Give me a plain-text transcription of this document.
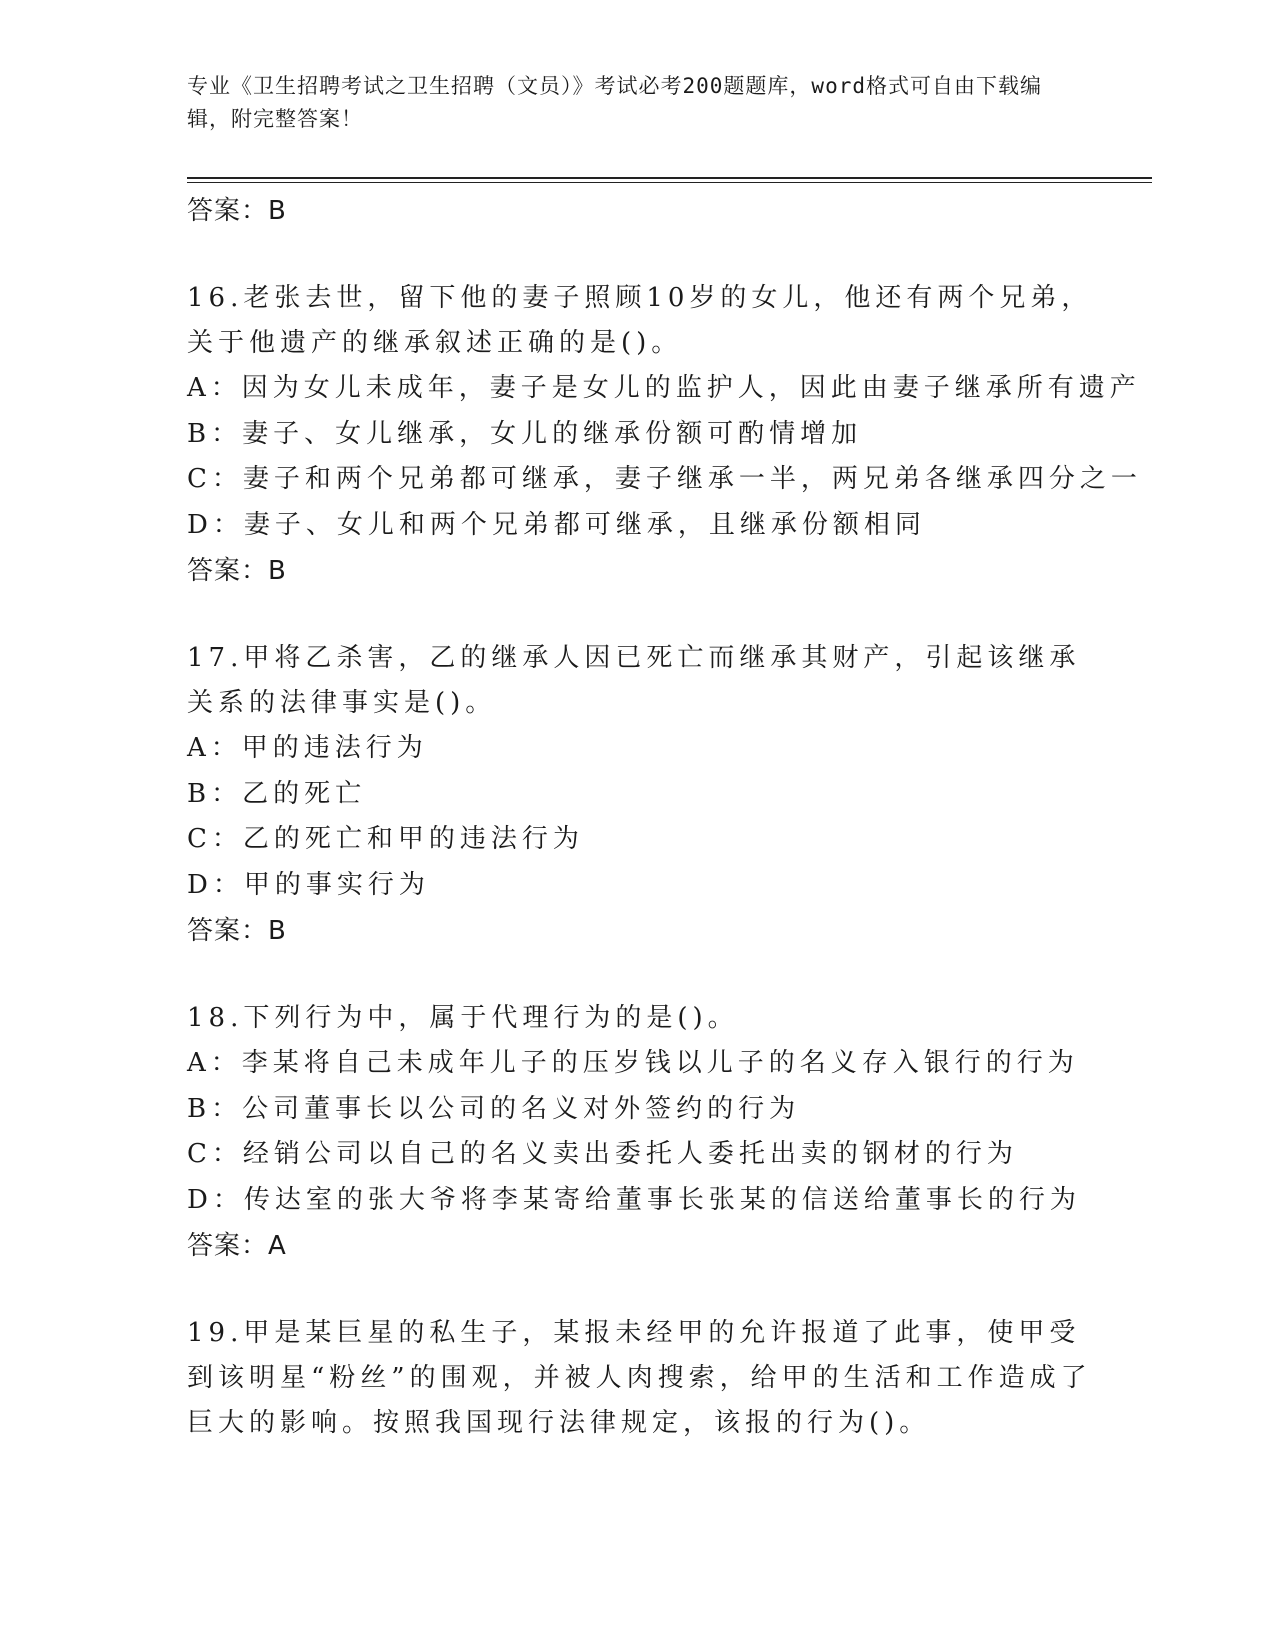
专业《卫生招聘考试之卫生招聘（文员）》考试必考200题题库，word格式可自由下载编辑，附完整答案！
答案：B
16.老张去世，留下他的妻子照顾10岁的女儿，他还有两个兄弟，关于他遗产的继承叙述正确的是()。
A：因为女儿未成年，妻子是女儿的监护人，因此由妻子继承所有遗产
B：妻子、女儿继承，女儿的继承份额可酌情增加
C：妻子和两个兄弟都可继承，妻子继承一半，两兄弟各继承四分之一
D：妻子、女儿和两个兄弟都可继承，且继承份额相同
答案：B
17.甲将乙杀害，乙的继承人因已死亡而继承其财产，引起该继承关系的法律事实是()。
A：甲的违法行为
B：乙的死亡
C：乙的死亡和甲的违法行为
D：甲的事实行为
答案：B
18.下列行为中，属于代理行为的是()。
A：李某将自己未成年儿子的压岁钱以儿子的名义存入银行的行为
B：公司董事长以公司的名义对外签约的行为
C：经销公司以自己的名义卖出委托人委托出卖的钢材的行为
D：传达室的张大爷将李某寄给董事长张某的信送给董事长的行为
答案：A
19.甲是某巨星的私生子，某报未经甲的允许报道了此事，使甲受到该明星“粉丝”的围观，并被人肉搜索，给甲的生活和工作造成了巨大的影响。按照我国现行法律规定，该报的行为()。
